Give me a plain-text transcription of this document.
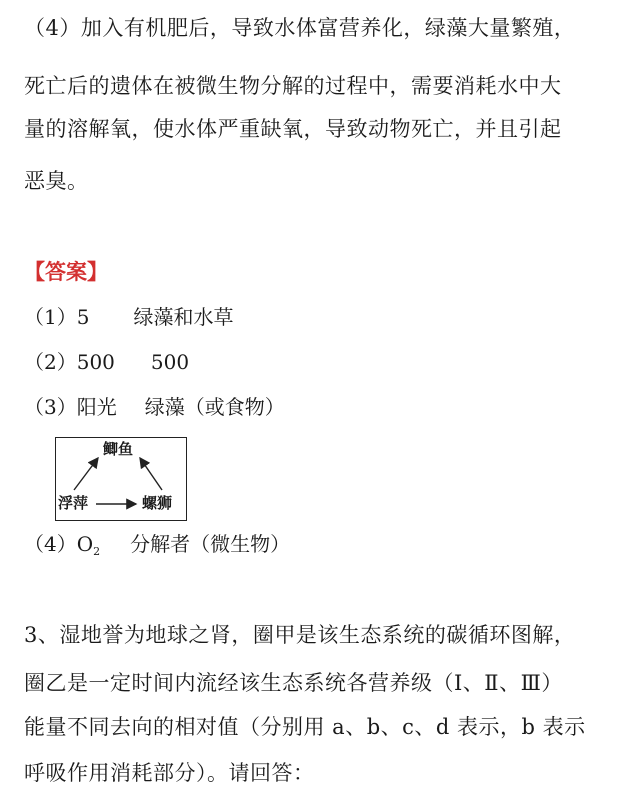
（4）加入有机肥后，导致水体富营养化，绿藻大量繁殖，
死亡后的遗体在被微生物分解的过程中，需要消耗水中大
量的溶解氧，使水体严重缺氧，导致动物死亡，并且引起
恶臭。
【答案】
（1）5 绿藻和水草
（2）500 500
（3）阳光 绿藻（或食物）
鲫鱼
浮萍	螺狮
$(4)O_2$ 分解者（微生物）
3、湿地誉为地球之肾，圈甲是该生态系统的碳循环图解，
圈乙是一定时间内流经该生态系统各营养级（Ⅰ、Ⅱ、Ⅲ）
能量不同去向的相对值（分别用 a、b、c、d 表示，b 表示
呼吸作用消耗部分）。请回答：
